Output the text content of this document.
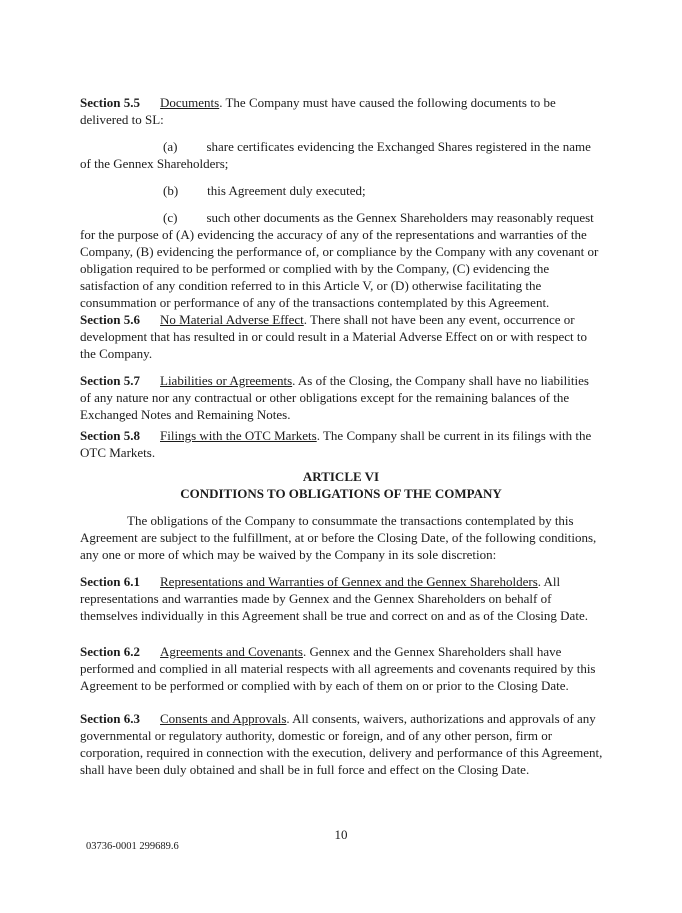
Section 5.5 Documents. The Company must have caused the following documents to be delivered to SL:

(a) share certificates evidencing the Exchanged Shares registered in the name of the Gennex Shareholders;

(b) this Agreement duly executed;

(c) such other documents as the Gennex Shareholders may reasonably request for the purpose of (A) evidencing the accuracy of any of the representations and warranties of the Company, (B) evidencing the performance of, or compliance by the Company with any covenant or obligation required to be performed or complied with by the Company, (C) evidencing the satisfaction of any condition referred to in this Article V, or (D) otherwise facilitating the consummation or performance of any of the transactions contemplated by this Agreement.

Section 5.6 No Material Adverse Effect. There shall not have been any event, occurrence or development that has resulted in or could result in a Material Adverse Effect on or with respect to the Company.

Section 5.7 Liabilities or Agreements. As of the Closing, the Company shall have no liabilities of any nature nor any contractual or other obligations except for the remaining balances of the Exchanged Notes and Remaining Notes.

Section 5.8 Filings with the OTC Markets. The Company shall be current in its filings with the OTC Markets.

ARTICLE VI
CONDITIONS TO OBLIGATIONS OF THE COMPANY

The obligations of the Company to consummate the transactions contemplated by this Agreement are subject to the fulfillment, at or before the Closing Date, of the following conditions, any one or more of which may be waived by the Company in its sole discretion:

Section 6.1 Representations and Warranties of Gennex and the Gennex Shareholders. All representations and warranties made by Gennex and the Gennex Shareholders on behalf of themselves individually in this Agreement shall be true and correct on and as of the Closing Date.

Section 6.2 Agreements and Covenants. Gennex and the Gennex Shareholders shall have performed and complied in all material respects with all agreements and covenants required by this Agreement to be performed or complied with by each of them on or prior to the Closing Date.

Section 6.3 Consents and Approvals. All consents, waivers, authorizations and approvals of any governmental or regulatory authority, domestic or foreign, and of any other person, firm or corporation, required in connection with the execution, delivery and performance of this Agreement, shall have been duly obtained and shall be in full force and effect on the Closing Date.

10
03736-0001 299689.6
